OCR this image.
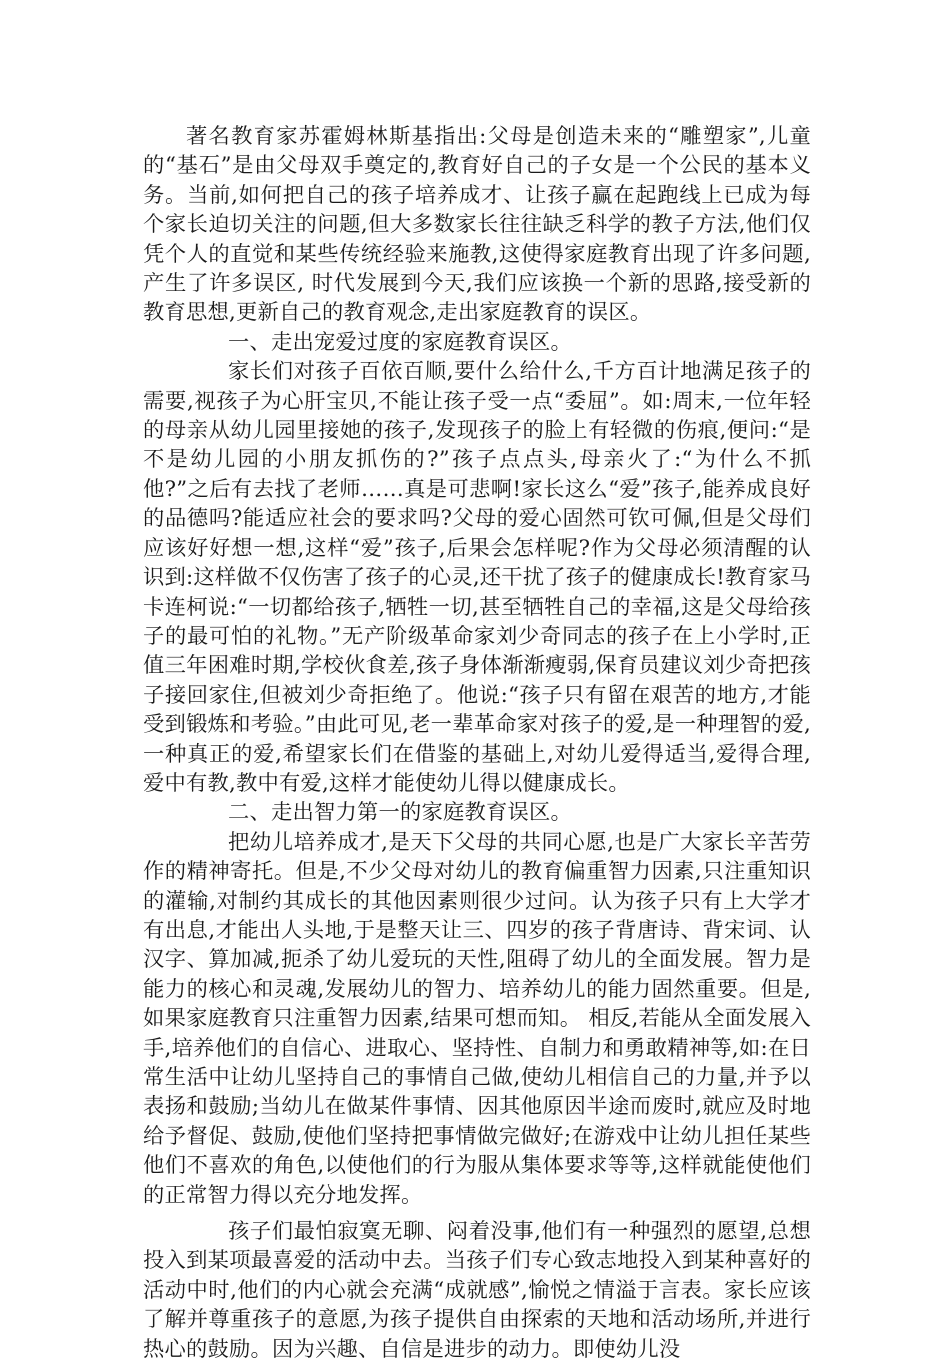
著名教育家苏霍姆林斯基指出:父母是创造未来的“雕塑家”,儿童的“基石”是由父母双手奠定的,教育好自己的子女是一个公民的基本义务。当前,如何把自己的孩子培养成才、让孩子赢在起跑线上已成为每个家长迫切关注的问题,但大多数家长往往缺乏科学的教子方法,他们仅凭个人的直觉和某些传统经验来施教,这使得家庭教育出现了许多问题,产生了许多误区, 时代发展到今天,我们应该换一个新的思路,接受新的教育思想,更新自己的教育观念,走出家庭教育的误区。

一、走出宠爱过度的家庭教育误区。

家长们对孩子百依百顺,要什么给什么,千方百计地满足孩子的需要,视孩子为心肝宝贝,不能让孩子受一点“委屈”。如:周末,一位年轻的母亲从幼儿园里接她的孩子,发现孩子的脸上有轻微的伤痕,便问:“是不是幼儿园的小朋友抓伤的?”孩子点点头,母亲火了:“为什么不抓他?”之后有去找了老师……真是可悲啊!家长这么“爱”孩子,能养成良好的品德吗?能适应社会的要求吗?父母的爱心固然可钦可佩,但是父母们应该好好想一想,这样“爱”孩子,后果会怎样呢?作为父母必须清醒的认识到:这样做不仅伤害了孩子的心灵,还干扰了孩子的健康成长!教育家马卡连柯说:“一切都给孩子,牺牲一切,甚至牺牲自己的幸福,这是父母给孩子的最可怕的礼物。”无产阶级革命家刘少奇同志的孩子在上小学时,正值三年困难时期,学校伙食差,孩子身体渐渐瘦弱,保育员建议刘少奇把孩子接回家住,但被刘少奇拒绝了。他说:“孩子只有留在艰苦的地方,才能受到锻炼和考验。”由此可见,老一辈革命家对孩子的爱,是一种理智的爱,一种真正的爱,希望家长们在借鉴的基础上,对幼儿爱得适当,爱得合理,爱中有教,教中有爱,这样才能使幼儿得以健康成长。

二、走出智力第一的家庭教育误区。

把幼儿培养成才,是天下父母的共同心愿,也是广大家长辛苦劳作的精神寄托。但是,不少父母对幼儿的教育偏重智力因素,只注重知识的灌输,对制约其成长的其他因素则很少过问。认为孩子只有上大学才有出息,才能出人头地,于是整天让三、四岁的孩子背唐诗、背宋词、认汉字、算加减,扼杀了幼儿爱玩的天性,阻碍了幼儿的全面发展。智力是能力的核心和灵魂,发展幼儿的智力、培养幼儿的能力固然重要。但是,如果家庭教育只注重智力因素,结果可想而知。 相反,若能从全面发展入手,培养他们的自信心、进取心、坚持性、自制力和勇敢精神等,如:在日常生活中让幼儿坚持自己的事情自己做,使幼儿相信自己的力量,并予以表扬和鼓励;当幼儿在做某件事情、因其他原因半途而废时,就应及时地给予督促、鼓励,使他们坚持把事情做完做好;在游戏中让幼儿担任某些他们不喜欢的角色,以使他们的行为服从集体要求等等,这样就能使他们的正常智力得以充分地发挥。

孩子们最怕寂寞无聊、闷着没事,他们有一种强烈的愿望,总想投入到某项最喜爱的活动中去。当孩子们专心致志地投入到某种喜好的活动中时,他们的内心就会充满“成就感”,愉悦之情溢于言表。家长应该了解并尊重孩子的意愿,为孩子提供自由探索的天地和活动场所,并进行热心的鼓励。因为兴趣、自信是进步的动力。即使幼儿没
